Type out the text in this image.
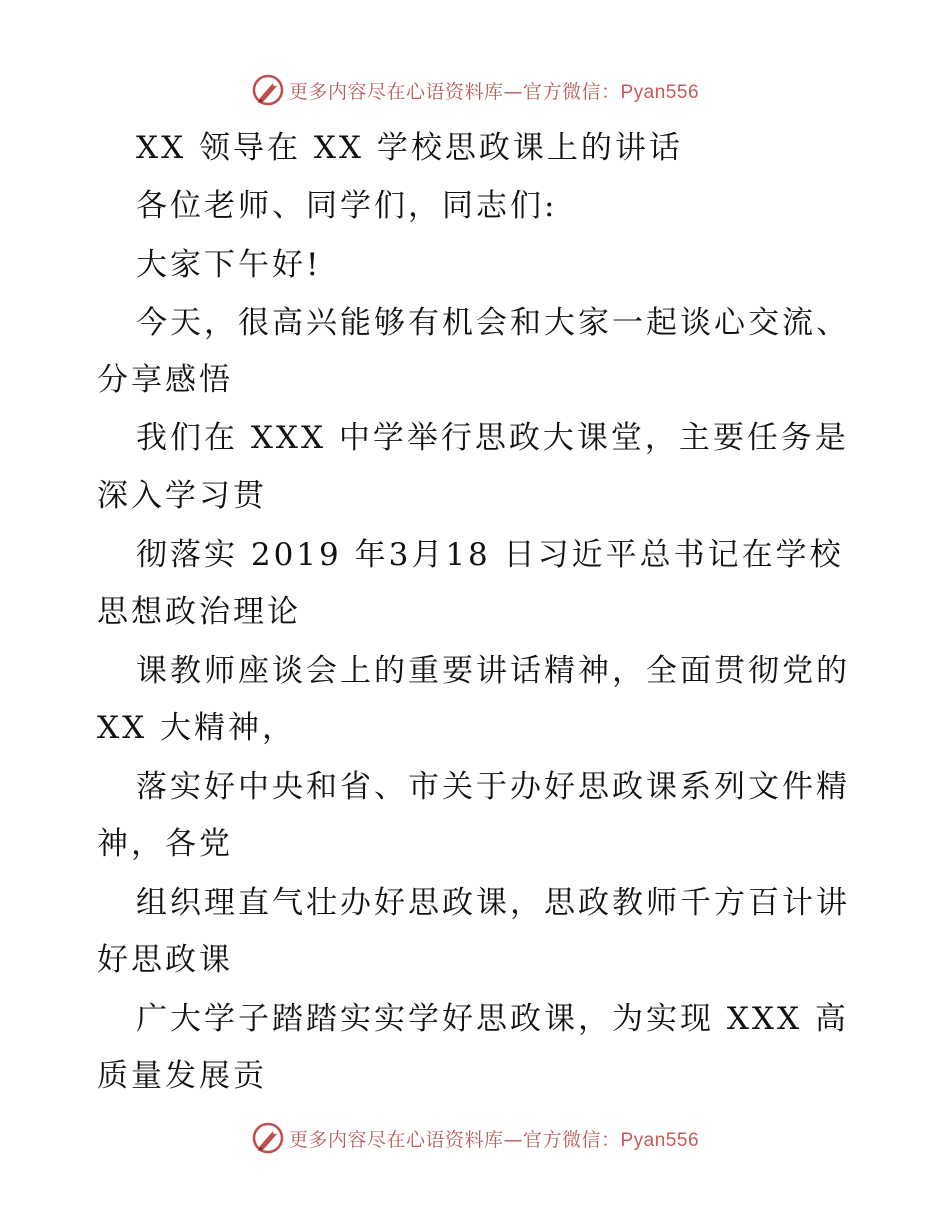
更多内容尽在心语资料库—官方微信：Pyan556
XX 领导在 XX 学校思政课上的讲话
各位老师、同学们，同志们:
大家下午好!
今天，很高兴能够有机会和大家一起谈心交流、
分享感悟
我们在 XXX 中学举行思政大课堂，主要任务是
深入学习贯
彻落实 2019 年3月18 日习近平总书记在学校
思想政治理论
课教师座谈会上的重要讲话精神，全面贯彻党的
XX 大精神，
落实好中央和省、市关于办好思政课系列文件精
神，各党
组织理直气壮办好思政课，思政教师千方百计讲
好思政课
广大学子踏踏实实学好思政课，为实现 XXX 高
质量发展贡
更多内容尽在心语资料库—官方微信：Pyan556
